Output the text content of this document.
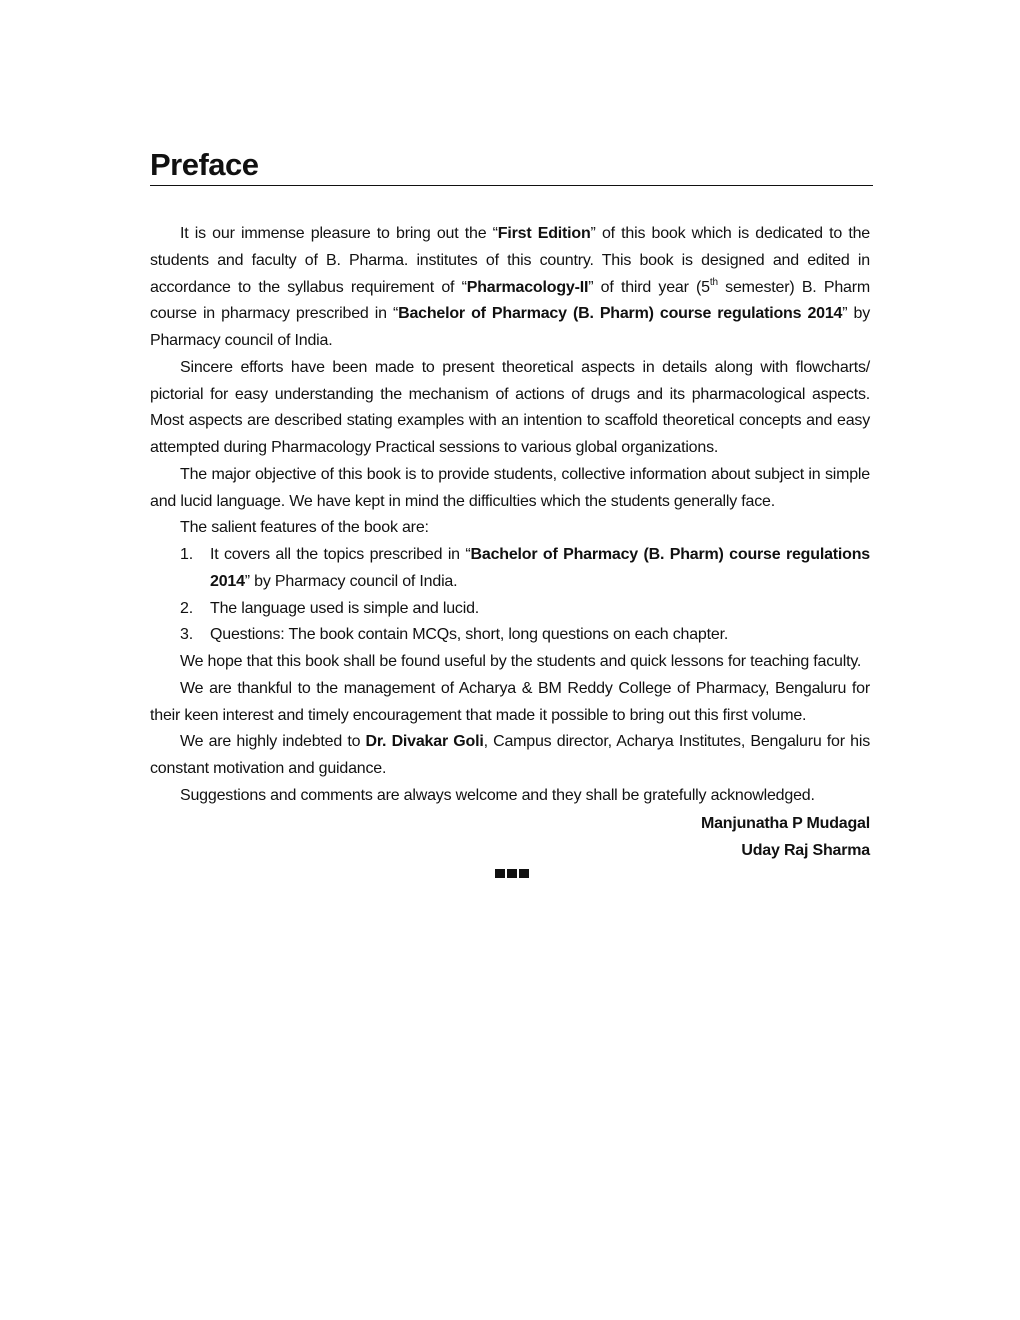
Preface

It is our immense pleasure to bring out the “First Edition” of this book which is dedicated to the students and faculty of B. Pharma. institutes of this country. This book is designed and edited in accordance to the syllabus requirement of “Pharmacology-II” of third year (5th semester) B. Pharm course in pharmacy prescribed in “Bachelor of Pharmacy (B. Pharm) course regulations 2014” by Pharmacy council of India.

Sincere efforts have been made to present theoretical aspects in details along with flowcharts/ pictorial for easy understanding the mechanism of actions of drugs and its pharmacological aspects. Most aspects are described stating examples with an intention to scaffold theoretical concepts and easy attempted during Pharmacology Practical sessions to various global organizations.

The major objective of this book is to provide students, collective information about subject in simple and lucid language. We have kept in mind the difficulties which the students generally face.

The salient features of the book are:

1.	It covers all the topics prescribed in “Bachelor of Pharmacy (B. Pharm) course regulations 2014” by Pharmacy council of India.
2.	The language used is simple and lucid.
3.	Questions: The book contain MCQs, short, long questions on each chapter.

We hope that this book shall be found useful by the students and quick lessons for teaching faculty.

We are thankful to the management of Acharya & BM Reddy College of Pharmacy, Bengaluru for their keen interest and timely encouragement that made it possible to bring out this first volume.

We are highly indebted to Dr. Divakar Goli, Campus director, Acharya Institutes, Bengaluru for his constant motivation and guidance.

Suggestions and comments are always welcome and they shall be gratefully acknowledged.

Manjunatha P Mudagal

Uday Raj Sharma
